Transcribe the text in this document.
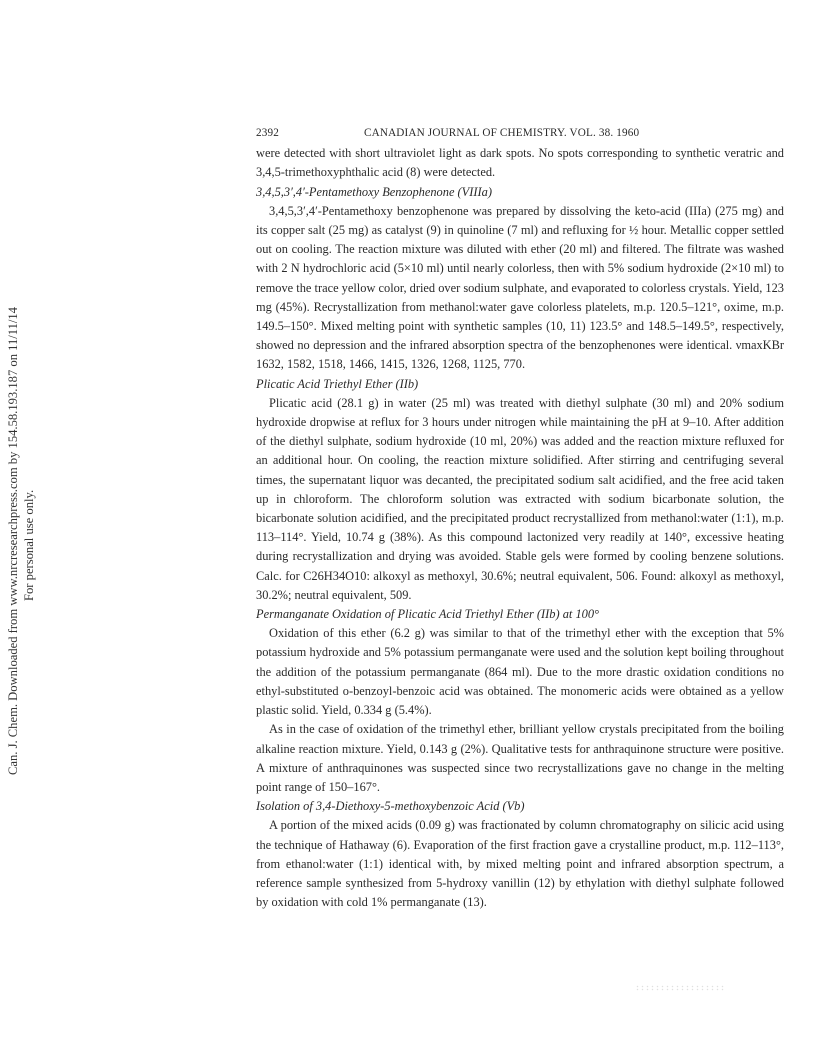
Can. J. Chem. Downloaded from www.nrcresearchpress.com by 154.58.193.187 on 11/11/14 For personal use only.
2392	CANADIAN JOURNAL OF CHEMISTRY. VOL. 38. 1960

were detected with short ultraviolet light as dark spots. No spots corresponding to synthetic veratric and 3,4,5-trimethoxyphthalic acid (8) were detected.

3,4,5,3′,4′-Pentamethoxy Benzophenone (VIIIa)

3,4,5,3′,4′-Pentamethoxy benzophenone was prepared by dissolving the keto-acid (IIIa) (275 mg) and its copper salt (25 mg) as catalyst (9) in quinoline (7 ml) and refluxing for ½ hour. Metallic copper settled out on cooling. The reaction mixture was diluted with ether (20 ml) and filtered. The filtrate was washed with 2 N hydrochloric acid (5×10 ml) until nearly colorless, then with 5% sodium hydroxide (2×10 ml) to remove the trace yellow color, dried over sodium sulphate, and evaporated to colorless crystals. Yield, 123 mg (45%). Recrystallization from methanol:water gave colorless platelets, m.p. 120.5–121°, oxime, m.p. 149.5–150°. Mixed melting point with synthetic samples (10, 11) 123.5° and 148.5–149.5°, respectively, showed no depression and the infrared absorption spectra of the benzophenones were identical. νmaxKBr 1632, 1582, 1518, 1466, 1415, 1326, 1268, 1125, 770.

Plicatic Acid Triethyl Ether (IIb)

Plicatic acid (28.1 g) in water (25 ml) was treated with diethyl sulphate (30 ml) and 20% sodium hydroxide dropwise at reflux for 3 hours under nitrogen while maintaining the pH at 9–10. After addition of the diethyl sulphate, sodium hydroxide (10 ml, 20%) was added and the reaction mixture refluxed for an additional hour. On cooling, the reaction mixture solidified. After stirring and centrifuging several times, the supernatant liquor was decanted, the precipitated sodium salt acidified, and the free acid taken up in chloroform. The chloroform solution was extracted with sodium bicarbonate solution, the bicarbonate solution acidified, and the precipitated product recrystallized from methanol:water (1:1), m.p. 113–114°. Yield, 10.74 g (38%). As this compound lactonized very readily at 140°, excessive heating during recrystallization and drying was avoided. Stable gels were formed by cooling benzene solutions. Calc. for C26H34O10: alkoxyl as methoxyl, 30.6%; neutral equivalent, 506. Found: alkoxyl as methoxyl, 30.2%; neutral equivalent, 509.

Permanganate Oxidation of Plicatic Acid Triethyl Ether (IIb) at 100°

Oxidation of this ether (6.2 g) was similar to that of the trimethyl ether with the exception that 5% potassium hydroxide and 5% potassium permanganate were used and the solution kept boiling throughout the addition of the potassium permanganate (864 ml). Due to the more drastic oxidation conditions no ethyl-substituted o-benzoyl-benzoic acid was obtained. The monomeric acids were obtained as a yellow plastic solid. Yield, 0.334 g (5.4%).

As in the case of oxidation of the trimethyl ether, brilliant yellow crystals precipitated from the boiling alkaline reaction mixture. Yield, 0.143 g (2%). Qualitative tests for anthraquinone structure were positive. A mixture of anthraquinones was suspected since two recrystallizations gave no change in the melting point range of 150–167°.

Isolation of 3,4-Diethoxy-5-methoxybenzoic Acid (Vb)

A portion of the mixed acids (0.09 g) was fractionated by column chromatography on silicic acid using the technique of Hathaway (6). Evaporation of the first fraction gave a crystalline product, m.p. 112–113°, from ethanol:water (1:1) identical with, by mixed melting point and infrared absorption spectrum, a reference sample synthesized from 5-hydroxy vanillin (12) by ethylation with diethyl sulphate followed by oxidation with cold 1% permanganate (13).
